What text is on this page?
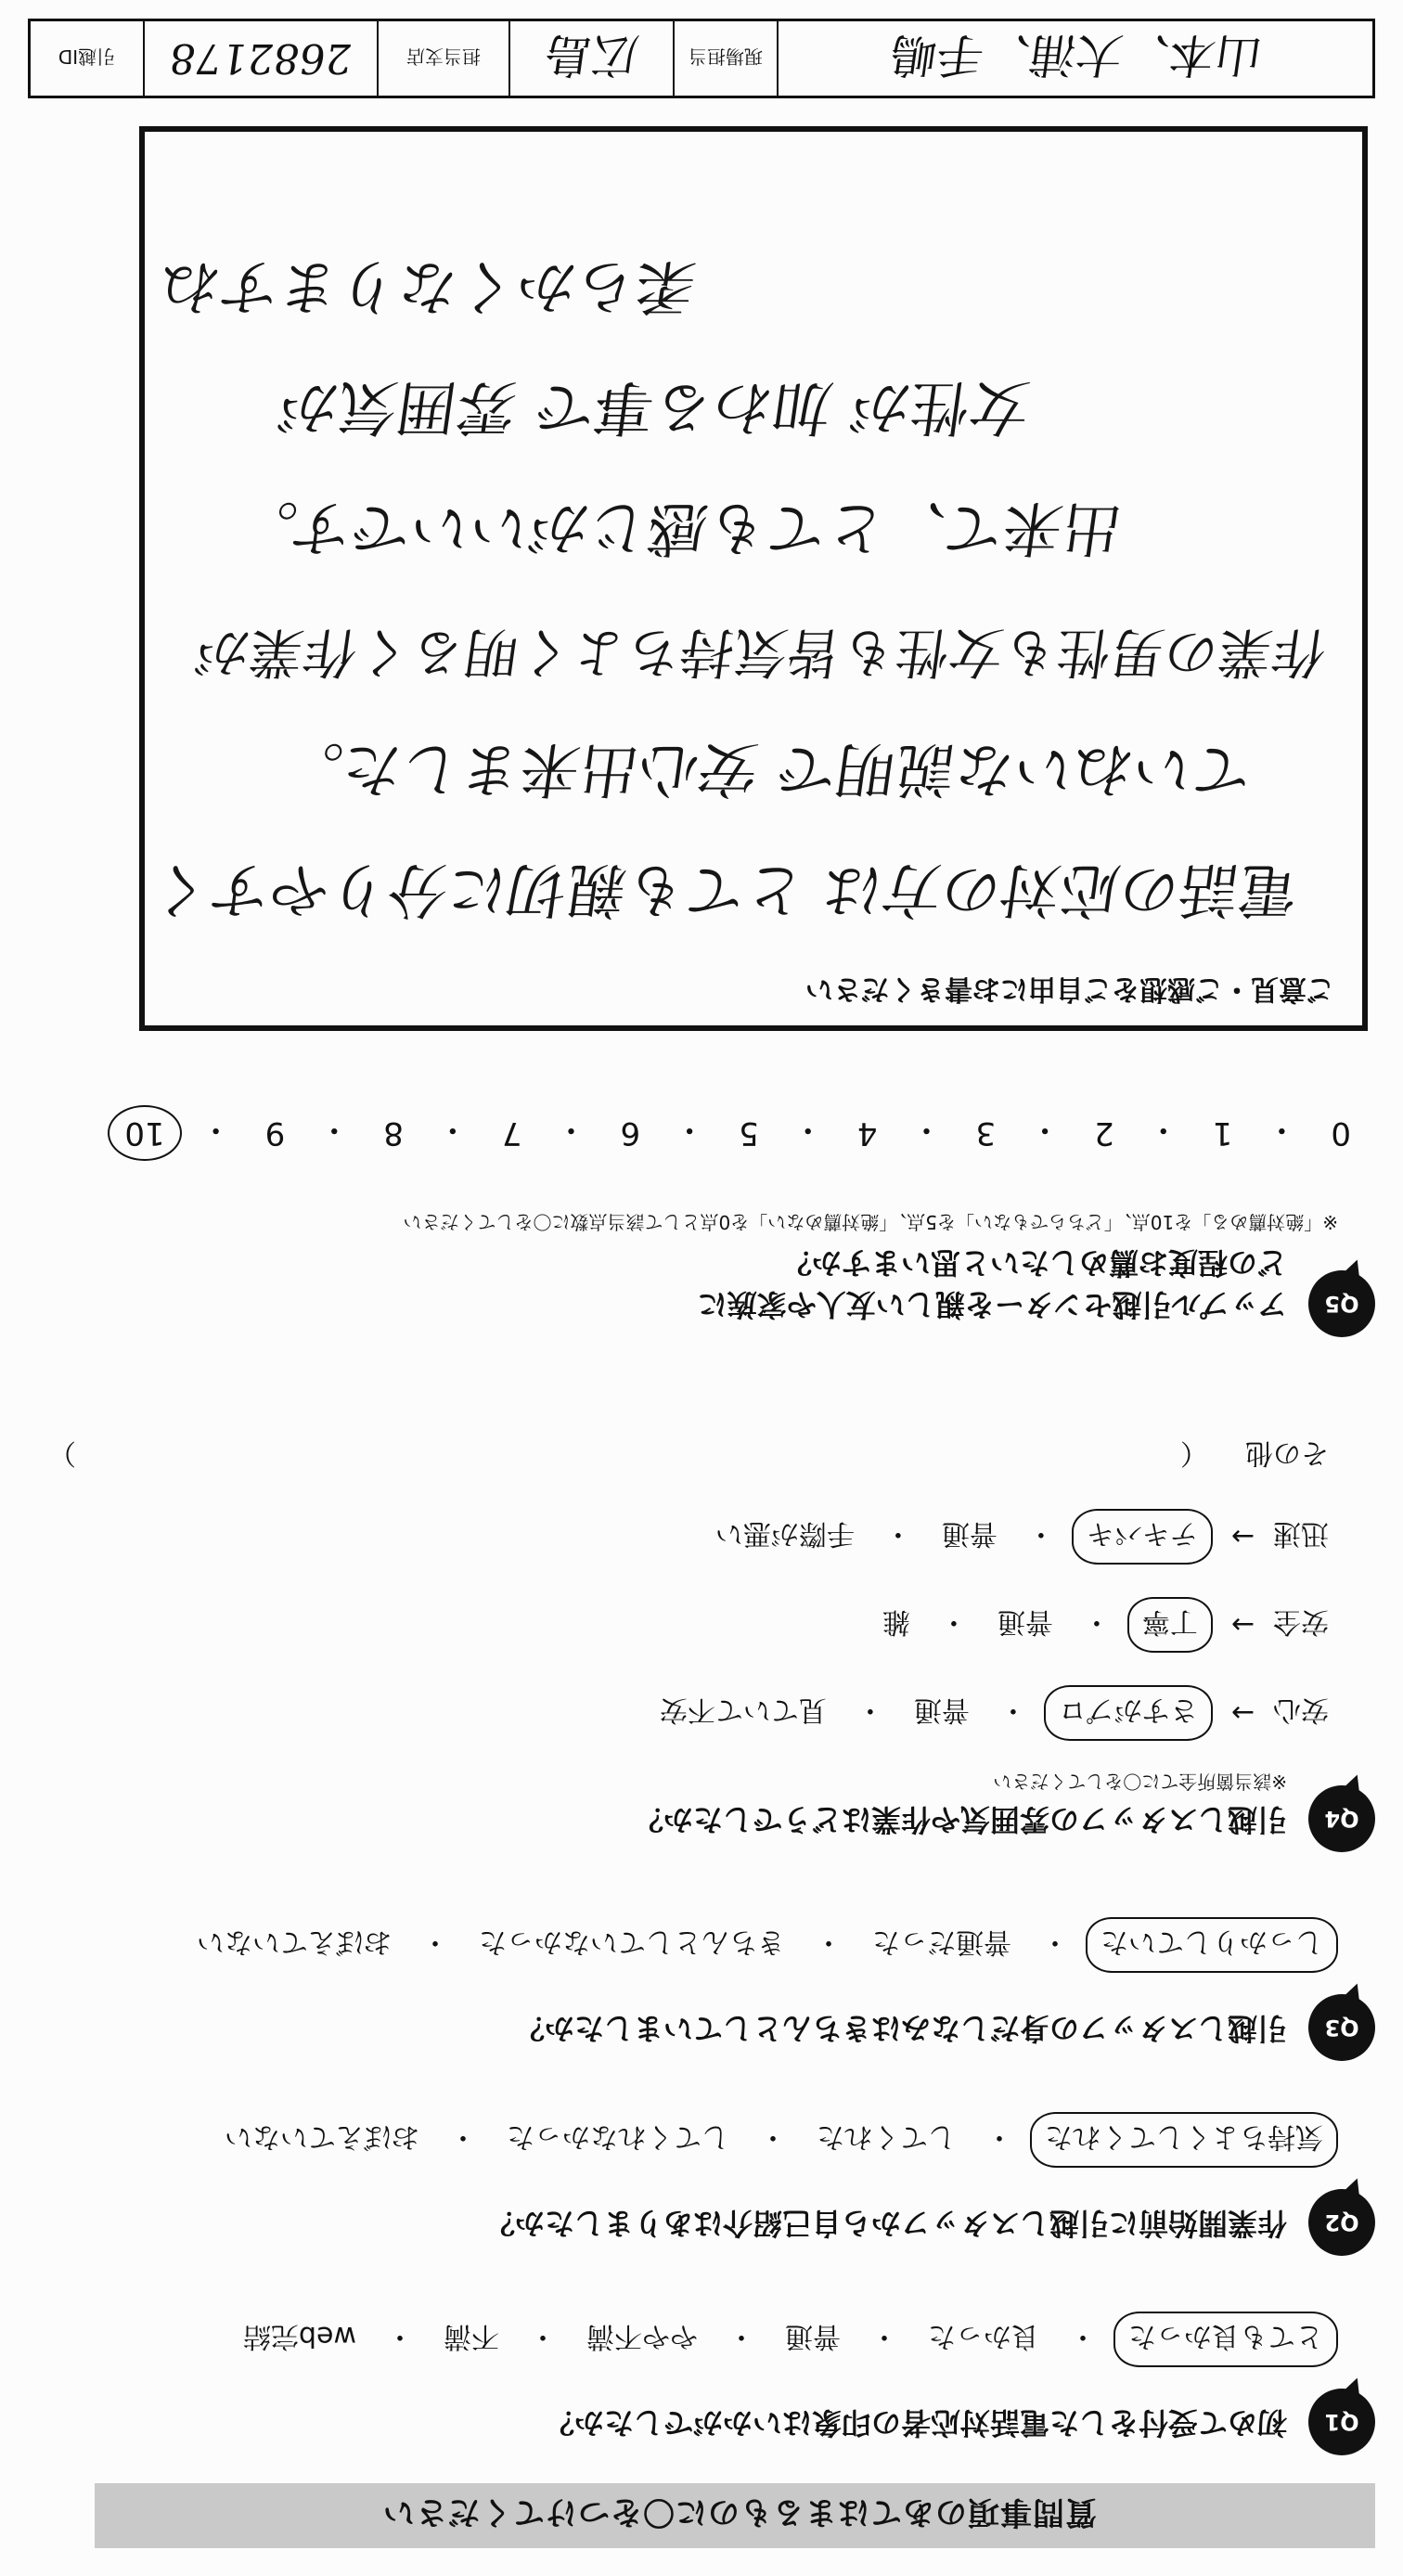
質問事項のあてはまるものに〇をつけてください
Q1
初めて受付をした電話対応者の印象はいかがでしたか？
とても良かった
・
良かった
・
普通
・
やや不満
・
不満
・
web完結
Q2
作業開始前に引越しスタッフから自己紹介はありましたか？
気持ちよくしてくれた
・
してくれた
・
してくれなかった
・
おぼえていない
Q3
引越しスタッフの身だしなみはきちんとしていましたか？
しっかりしていた
・
普通だった
・
きちんとしていなかった
・
おぼえていない
Q4
引越しスタッフの雰囲気や作業はどうでしたか？
※該当箇所全てに〇をしてください
安心
→
さすがプロ
・
普通
・
見ていて不安
安全
→
丁寧
・
普通
・
雑
迅速
→
テキパキ
・
普通
・
手際が悪い
その他
（
）
Q5
アップル引越センターを親しい友人や家族に
どの程度お薦めしたいと思いますか？
※「絶対薦める」を10点、「どちらでもない」を5点、「絶対薦めない」を0点として該当点数に〇をしてください
0
・
1
・
2
・
3
・
4
・
5
・
6
・
7
・
8
・
9
・
10
ご意見・ご感想をご自由にお書きください
電話の応対の方は とても親切に分りやすく
ていねいな説明で 安心出来ました。
作業の男性も女性も皆気持ちよく明るく作業が
出来て、とても感じがいいです。
女性が 加わる事で 雰囲気が
柔らかくなりますね
山本、大浦、手嶋
現場担当
広島
担当支店
2682178
引越ID
